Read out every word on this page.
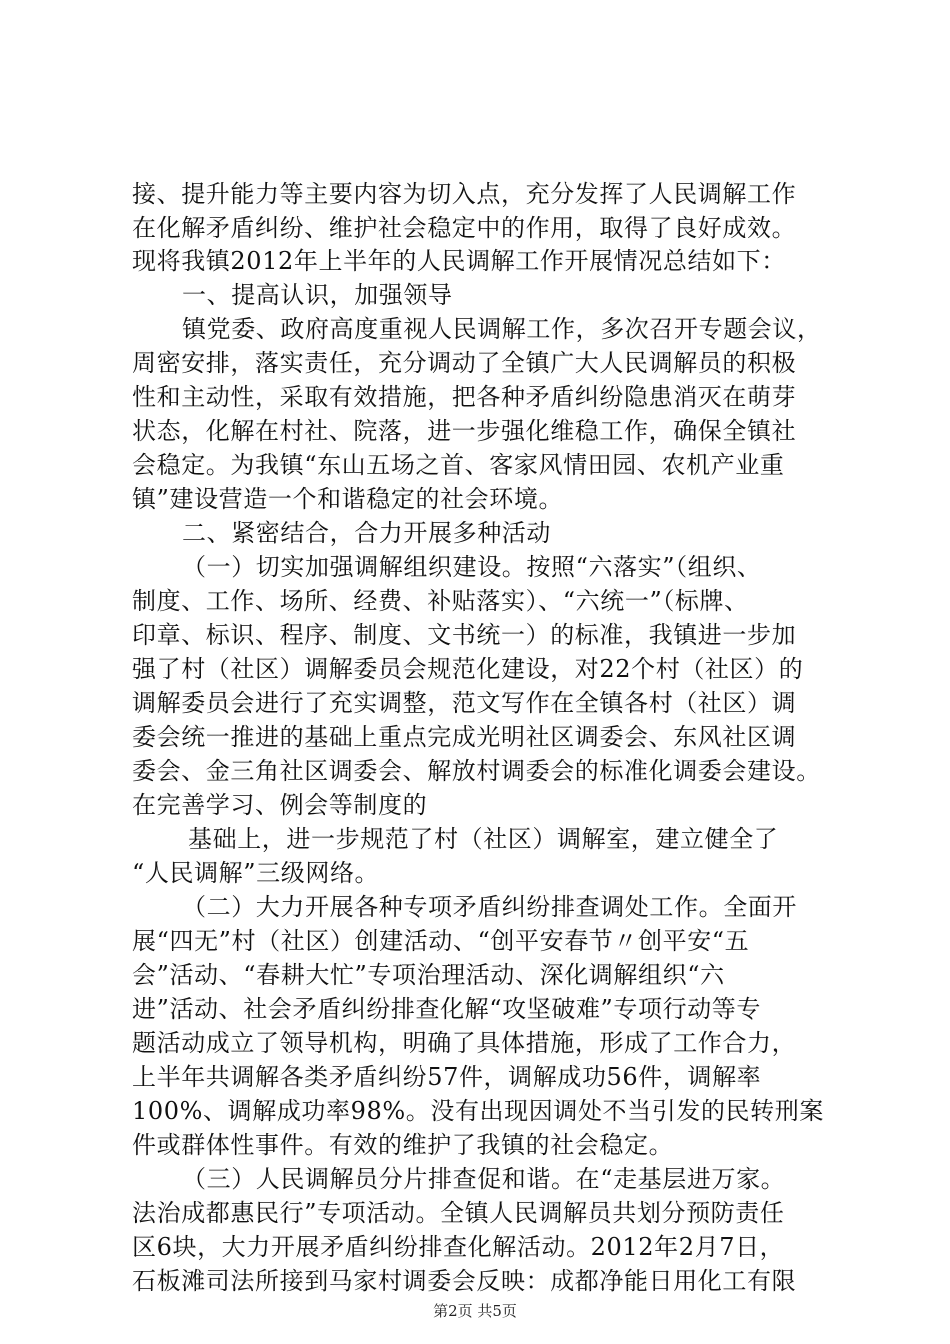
接、提升能力等主要内容为切入点，充分发挥了人民调解工作
在化解矛盾纠纷、维护社会稳定中的作用，取得了良好成效。
现将我镇2012年上半年的人民调解工作开展情况总结如下：
一、提高认识，加强领导
镇党委、政府高度重视人民调解工作，多次召开专题会议，
周密安排，落实责任，充分调动了全镇广大人民调解员的积极
性和主动性，采取有效措施，把各种矛盾纠纷隐患消灭在萌芽
状态，化解在村社、院落，进一步强化维稳工作，确保全镇社
会稳定。为我镇“东山五场之首、客家风情田园、农机产业重
镇”建设营造一个和谐稳定的社会环境。
二、紧密结合，合力开展多种活动
（一）切实加强调解组织建设。按照“六落实”（组织、
制度、工作、场所、经费、补贴落实）、“六统一”（标牌、
印章、标识、程序、制度、文书统一）的标准，我镇进一步加
强了村（社区）调解委员会规范化建设，对22个村（社区）的
调解委员会进行了充实调整，范文写作在全镇各村（社区）调
委会统一推进的基础上重点完成光明社区调委会、东风社区调
委会、金三角社区调委会、解放村调委会的标准化调委会建设。
在完善学习、例会等制度的
基础上，进一步规范了村（社区）调解室，建立健全了
“人民调解”三级网络。
（二）大力开展各种专项矛盾纠纷排查调处工作。全面开
展“四无”村（社区）创建活动、“创平安春节〃创平安“五
会”活动、“春耕大忙”专项治理活动、深化调解组织“六
进”活动、社会矛盾纠纷排查化解“攻坚破难”专项行动等专
题活动成立了领导机构，明确了具体措施，形成了工作合力，
上半年共调解各类矛盾纠纷57件，调解成功56件，调解率
100%、调解成功率98%。没有出现因调处不当引发的民转刑案
件或群体性事件。有效的维护了我镇的社会稳定。
（三）人民调解员分片排查促和谐。在“走基层进万家。
法治成都惠民行”专项活动。全镇人民调解员共划分预防责任
区6块，大力开展矛盾纠纷排查化解活动。2012年2月7日，
石板滩司法所接到马家村调委会反映：成都净能日用化工有限
第2页 共5页
